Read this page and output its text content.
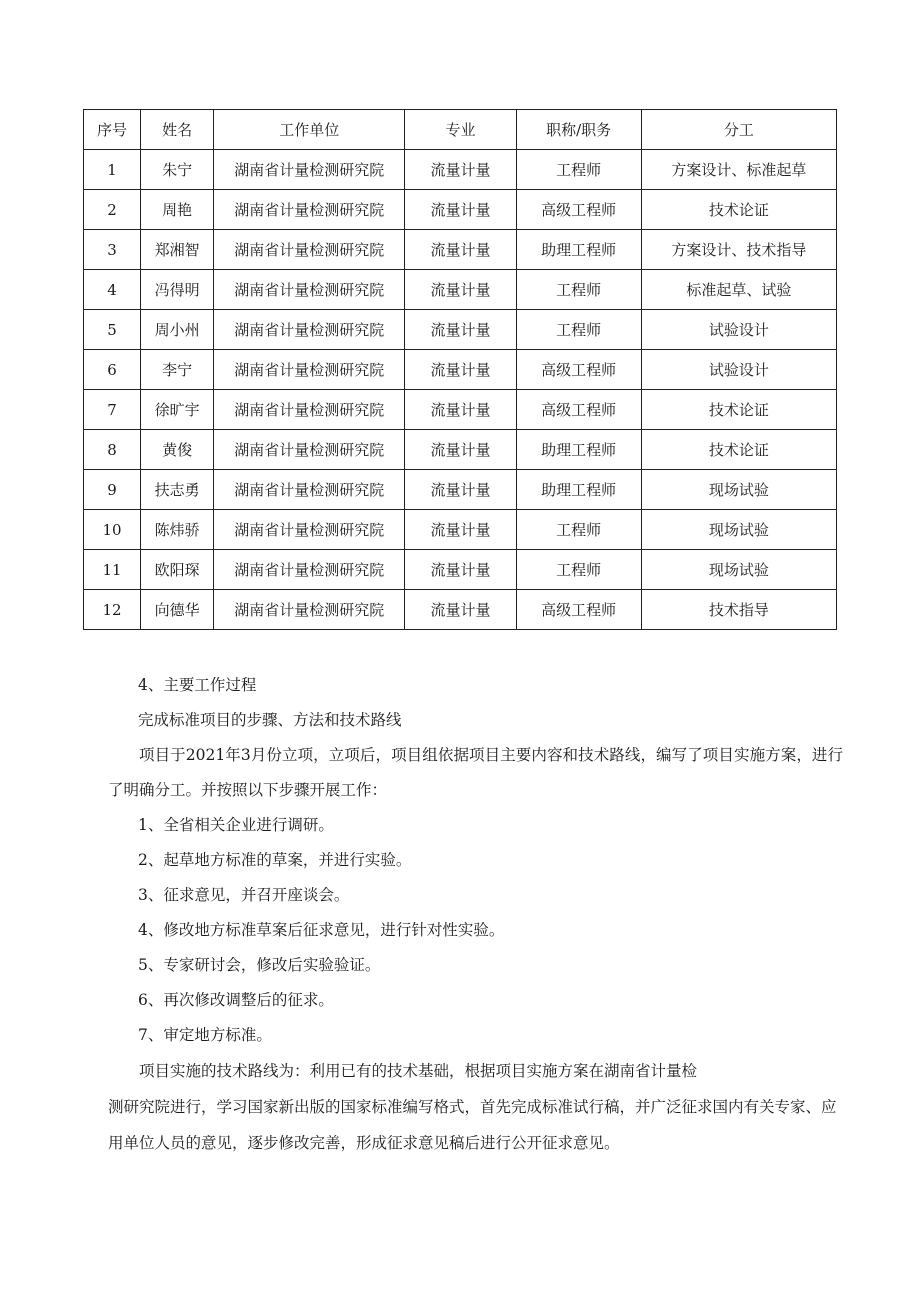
序号	姓名	工作单位	专业	职称/职务	分工
1	朱宁	湖南省计量检测研究院	流量计量	工程师	方案设计、标准起草
2	周艳	湖南省计量检测研究院	流量计量	高级工程师	技术论证
3	郑湘智	湖南省计量检测研究院	流量计量	助理工程师	方案设计、技术指导
4	冯得明	湖南省计量检测研究院	流量计量	工程师	标准起草、试验
5	周小州	湖南省计量检测研究院	流量计量	工程师	试验设计
6	李宁	湖南省计量检测研究院	流量计量	高级工程师	试验设计
7	徐旷宇	湖南省计量检测研究院	流量计量	高级工程师	技术论证
8	黄俊	湖南省计量检测研究院	流量计量	助理工程师	技术论证
9	扶志勇	湖南省计量检测研究院	流量计量	助理工程师	现场试验
10	陈炜骄	湖南省计量检测研究院	流量计量	工程师	现场试验
11	欧阳琛	湖南省计量检测研究院	流量计量	工程师	现场试验
12	向德华	湖南省计量检测研究院	流量计量	高级工程师	技术指导
4、主要工作过程
完成标准项目的步骤、方法和技术路线
项目于2021年3月份立项，立项后，项目组依据项目主要内容和技术路线，编写了项目实施方案，进行了明确分工。并按照以下步骤开展工作：
1、全省相关企业进行调研。
2、起草地方标准的草案，并进行实验。
3、征求意见，并召开座谈会。
4、修改地方标准草案后征求意见，进行针对性实验。
5、专家研讨会，修改后实验验证。
6、再次修改调整后的征求。
7、审定地方标准。
项目实施的技术路线为：利用已有的技术基础，根据项目实施方案在湖南省计量检
测研究院进行，学习国家新出版的国家标准编写格式，首先完成标准试行稿，并广泛征求国内有关专家、应用单位人员的意见，逐步修改完善，形成征求意见稿后进行公开征求意见。
